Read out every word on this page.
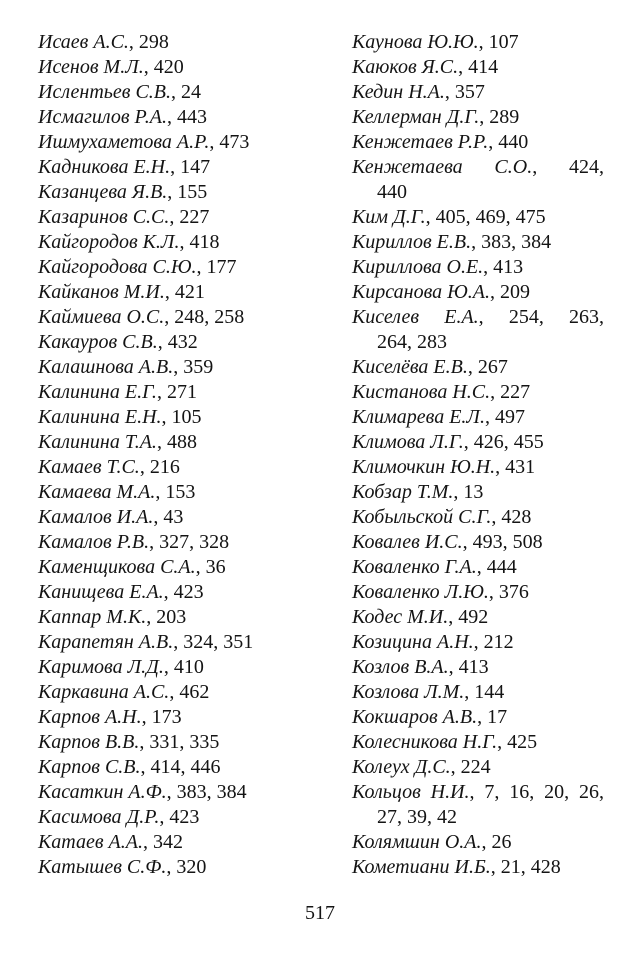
Исаев А.С., 298

Исенов М.Л., 420

Ислентьев С.В., 24

Исмагилов Р.А., 443

Ишмухаметова А.Р., 473

Кадникова Е.Н., 147

Казанцева Я.В., 155

Казаринов С.С., 227

Кайгородов К.Л., 418

Кайгородова С.Ю., 177

Кайканов М.И., 421

Каймиева О.С., 248, 258

Какауров С.В., 432

Калашнова А.В., 359

Калинина Е.Г., 271

Калинина Е.Н., 105

Калинина Т.А., 488

Камаев Т.С., 216

Камаева М.А., 153

Камалов И.А., 43

Камалов Р.В., 327, 328

Каменщикова С.А., 36

Канищева Е.А., 423

Каппар М.К., 203

Карапетян А.В., 324, 351

Каримова Л.Д., 410

Каркавина А.С., 462

Карпов А.Н., 173

Карпов В.В., 331, 335

Карпов С.В., 414, 446

Касаткин А.Ф., 383, 384

Касимова Д.Р., 423

Катаев А.А., 342

Катышев С.Ф., 320

Каунова Ю.Ю., 107

Каюков Я.С., 414

Кедин Н.А., 357

Келлерман Д.Г., 289

Кенжетаев Р.Р., 440

Кенжетаева С.О., 424,
440

Ким Д.Г., 405, 469, 475

Кириллов Е.В., 383, 384

Кириллова О.Е., 413

Кирсанова Ю.А., 209

Киселев Е.А., 254, 263,
264, 283

Киселёва Е.В., 267

Кистанова Н.С., 227

Климарева Е.Л., 497

Климова Л.Г., 426, 455

Климочкин Ю.Н., 431

Кобзар Т.М., 13

Кобыльской С.Г., 428

Ковалев И.С., 493, 508

Коваленко Г.А., 444

Коваленко Л.Ю., 376

Кодес М.И., 492

Козицина А.Н., 212

Козлов В.А., 413

Козлова Л.М., 144

Кокшаров А.В., 17

Колесникова Н.Г., 425

Колеух Д.С., 224

Кольцов Н.И., 7, 16, 20, 26,
27, 39, 42

Колямшин О.А., 26

Кометиани И.Б., 21, 428

517
